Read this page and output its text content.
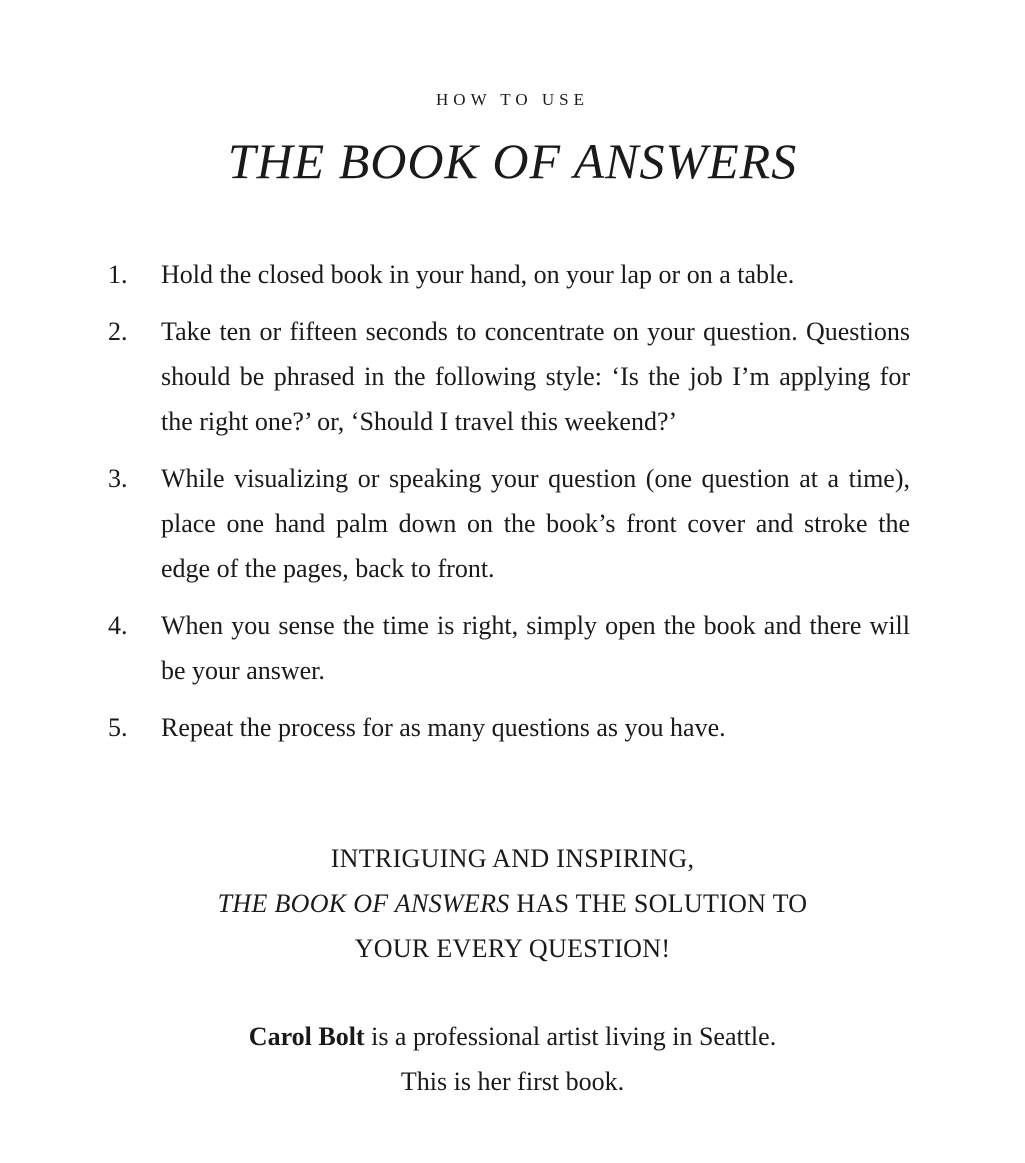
HOW TO USE
THE BOOK OF ANSWERS
1.	Hold the closed book in your hand, on your lap or on a table.
2.	Take ten or fifteen seconds to concentrate on your question. Questions should be phrased in the following style: ‘Is the job I’m applying for the right one?’ or, ‘Should I travel this weekend?’
3.	While visualizing or speaking your question (one question at a time), place one hand palm down on the book’s front cover and stroke the edge of the pages, back to front.
4.	When you sense the time is right, simply open the book and there will be your answer.
5.	Repeat the process for as many questions as you have.
INTRIGUING AND INSPIRING,
THE BOOK OF ANSWERS HAS THE SOLUTION TO
YOUR EVERY QUESTION!
Carol Bolt is a professional artist living in Seattle.
This is her first book.
